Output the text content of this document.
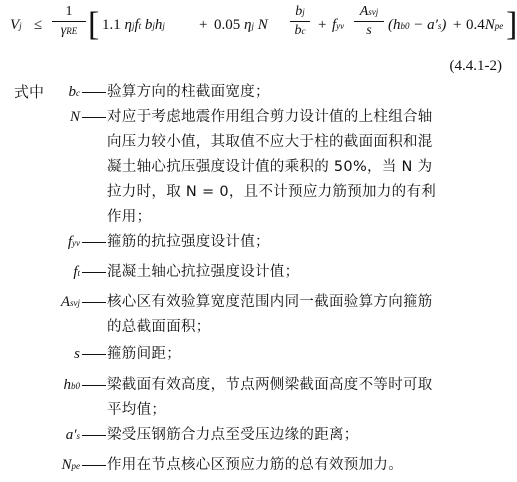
Vj ≤
1
γRE [ 1.1 ηjft bjhj + 0.05 ηj N
bj
bc + fyv
Asvj
s	(hb0 − a′s) + 0.4Npe ]
(4.4.1-2)
式中 bc 验算方向的柱截面宽度；
N 对应于考虑地震作用组合剪力设计值的上柱组合轴
向压力较小值，其取值不应大于柱的截面面积和混
凝土轴心抗压强度设计值的乘积的 50%，当 N 为
拉力时，取 N = 0，且不计预应力筋预加力的有利
作用；
fyv 箍筋的抗拉强度设计值；
ft 混凝土轴心抗拉强度设计值；
Asvj 核心区有效验算宽度范围内同一截面验算方向箍筋
的总截面面积；
s 箍筋间距；
hb0 梁截面有效高度，节点两侧梁截面高度不等时可取
平均值；
a′s 梁受压钢筋合力点至受压边缘的距离；
Npe 作用在节点核心区预应力筋的总有效预加力。
